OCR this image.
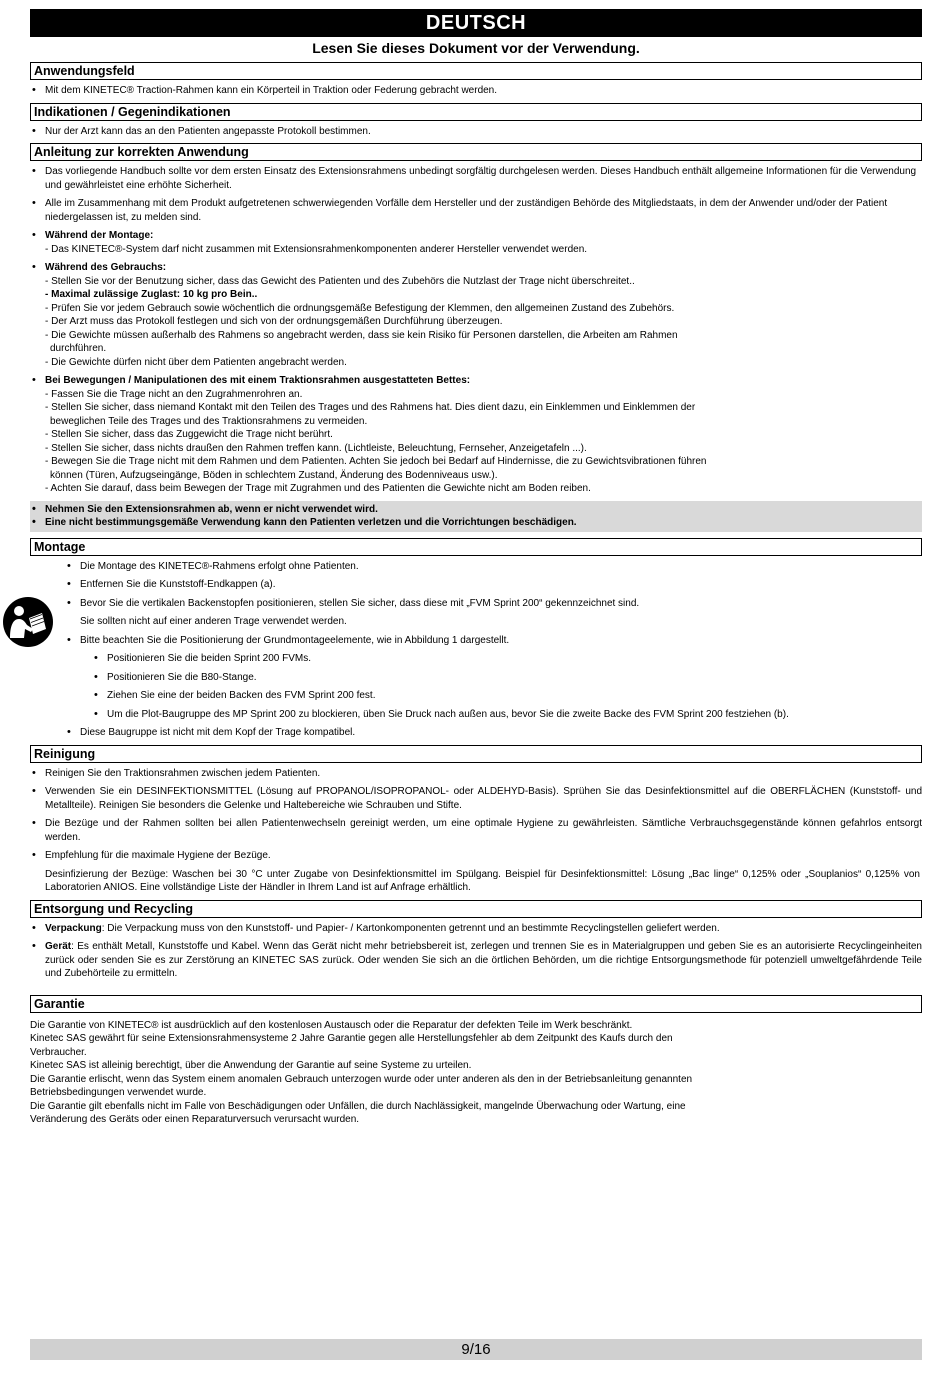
DEUTSCH
Lesen Sie dieses Dokument vor der Verwendung.
Anwendungsfeld
• Mit dem KINETEC® Traction-Rahmen kann ein Körperteil in Traktion oder Federung gebracht werden.
Indikationen / Gegenindikationen
• Nur der Arzt kann das an den Patienten angepasste Protokoll bestimmen.
Anleitung zur korrekten Anwendung
• Das vorliegende Handbuch sollte vor dem ersten Einsatz des Extensionsrahmens unbedingt sorgfältig durchgelesen werden. Dieses Handbuch enthält allgemeine Informationen für die Verwendung und gewährleistet eine erhöhte Sicherheit.
• Alle im Zusammenhang mit dem Produkt aufgetretenen schwerwiegenden Vorfälle dem Hersteller und der zuständigen Behörde des Mitgliedstaats, in dem der Anwender und/oder der Patient niedergelassen ist, zu melden sind.
• Während der Montage:
- Das KINETEC®-System darf nicht zusammen mit Extensionsrahmenkomponenten anderer Hersteller verwendet werden.
• Während des Gebrauchs:
- Stellen Sie vor der Benutzung sicher, dass das Gewicht des Patienten und des Zubehörs die Nutzlast der Trage nicht überschreitet..
- Maximal zulässige Zuglast: 10 kg pro Bein..
- Prüfen Sie vor jedem Gebrauch sowie wöchentlich die ordnungsgemäße Befestigung der Klemmen, den allgemeinen Zustand des Zubehörs.
- Der Arzt muss das Protokoll festlegen und sich von der ordnungsgemäßen Durchführung überzeugen.
- Die Gewichte müssen außerhalb des Rahmens so angebracht werden, dass sie kein Risiko für Personen darstellen, die Arbeiten am Rahmen
durchführen.
- Die Gewichte dürfen nicht über dem Patienten angebracht werden.
• Bei Bewegungen / Manipulationen des mit einem Traktionsrahmen ausgestatteten Bettes:
- Fassen Sie die Trage nicht an den Zugrahmenrohren an.
- Stellen Sie sicher, dass niemand Kontakt mit den Teilen des Trages und des Rahmens hat. Dies dient dazu, ein Einklemmen und Einklemmen der
beweglichen Teile des Trages und des Traktionsrahmens zu vermeiden.
- Stellen Sie sicher, dass das Zuggewicht die Trage nicht berührt.
- Stellen Sie sicher, dass nichts draußen den Rahmen treffen kann. (Lichtleiste, Beleuchtung, Fernseher, Anzeigetafeln ...).
- Bewegen Sie die Trage nicht mit dem Rahmen und dem Patienten. Achten Sie jedoch bei Bedarf auf Hindernisse, die zu Gewichtsvibrationen führen
können (Türen, Aufzugseingänge, Böden in schlechtem Zustand, Änderung des Bodenniveaus usw.).
- Achten Sie darauf, dass beim Bewegen der Trage mit Zugrahmen und des Patienten die Gewichte nicht am Boden reiben.
• Nehmen Sie den Extensionsrahmen ab, wenn er nicht verwendet wird.
• Eine nicht bestimmungsgemäße Verwendung kann den Patienten verletzen und die Vorrichtungen beschädigen.
Montage
• Die Montage des KINETEC®-Rahmens erfolgt ohne Patienten.
• Entfernen Sie die Kunststoff-Endkappen (a).
• Bevor Sie die vertikalen Backenstopfen positionieren, stellen Sie sicher, dass diese mit „FVM Sprint 200“ gekennzeichnet sind.
Sie sollten nicht auf einer anderen Trage verwendet werden.
• Bitte beachten Sie die Positionierung der Grundmontageelemente, wie in Abbildung 1 dargestellt.
• Positionieren Sie die beiden Sprint 200 FVMs.
• Positionieren Sie die B80-Stange.
• Ziehen Sie eine der beiden Backen des FVM Sprint 200 fest.
• Um die Plot-Baugruppe des MP Sprint 200 zu blockieren, üben Sie Druck nach außen aus, bevor Sie die zweite Backe des FVM Sprint 200 festziehen (b).
• Diese Baugruppe ist nicht mit dem Kopf der Trage kompatibel.
Reinigung
• Reinigen Sie den Traktionsrahmen zwischen jedem Patienten.
• Verwenden Sie ein DESINFEKTIONSMITTEL (Lösung auf PROPANOL/ISOPROPANOL- oder ALDEHYD-Basis). Sprühen Sie das Desinfektionsmittel auf die OBERFLÄCHEN (Kunststoff- und Metallteile). Reinigen Sie besonders die Gelenke und Haltebereiche wie Schrauben und Stifte.
• Die Bezüge und der Rahmen sollten bei allen Patientenwechseln gereinigt werden, um eine optimale Hygiene zu gewährleisten. Sämtliche Verbrauchsgegenstände können gefahrlos entsorgt werden.
• Empfehlung für die maximale Hygiene der Bezüge.
Desinfizierung der Bezüge: Waschen bei 30 °C unter Zugabe von Desinfektionsmittel im Spülgang. Beispiel für Desinfektionsmittel: Lösung „Bac linge“ 0,125% oder „Souplanios“ 0,125% von Laboratorien ANIOS. Eine vollständige Liste der Händler in Ihrem Land ist auf Anfrage erhältlich.
Entsorgung und Recycling
• Verpackung: Die Verpackung muss von den Kunststoff- und Papier- / Kartonkomponenten getrennt und an bestimmte Recyclingstellen geliefert werden.
• Gerät: Es enthält Metall, Kunststoffe und Kabel. Wenn das Gerät nicht mehr betriebsbereit ist, zerlegen und trennen Sie es in Materialgruppen und geben Sie es an autorisierte Recyclingeinheiten zurück oder senden Sie es zur Zerstörung an KINETEC SAS zurück. Oder wenden Sie sich an die örtlichen Behörden, um die richtige Entsorgungsmethode für potenziell umweltgefährdende Teile und Zubehörteile zu ermitteln.
Garantie
Die Garantie von KINETEC® ist ausdrücklich auf den kostenlosen Austausch oder die Reparatur der defekten Teile im Werk beschränkt.
Kinetec SAS gewährt für seine Extensionsrahmensysteme 2 Jahre Garantie gegen alle Herstellungsfehler ab dem Zeitpunkt des Kaufs durch den
Verbraucher.
Kinetec SAS ist alleinig berechtigt, über die Anwendung der Garantie auf seine Systeme zu urteilen.
Die Garantie erlischt, wenn das System einem anomalen Gebrauch unterzogen wurde oder unter anderen als den in der Betriebsanleitung genannten
Betriebsbedingungen verwendet wurde.
Die Garantie gilt ebenfalls nicht im Falle von Beschädigungen oder Unfällen, die durch Nachlässigkeit, mangelnde Überwachung oder Wartung, eine
Veränderung des Geräts oder einen Reparaturversuch verursacht wurden.
9/16
